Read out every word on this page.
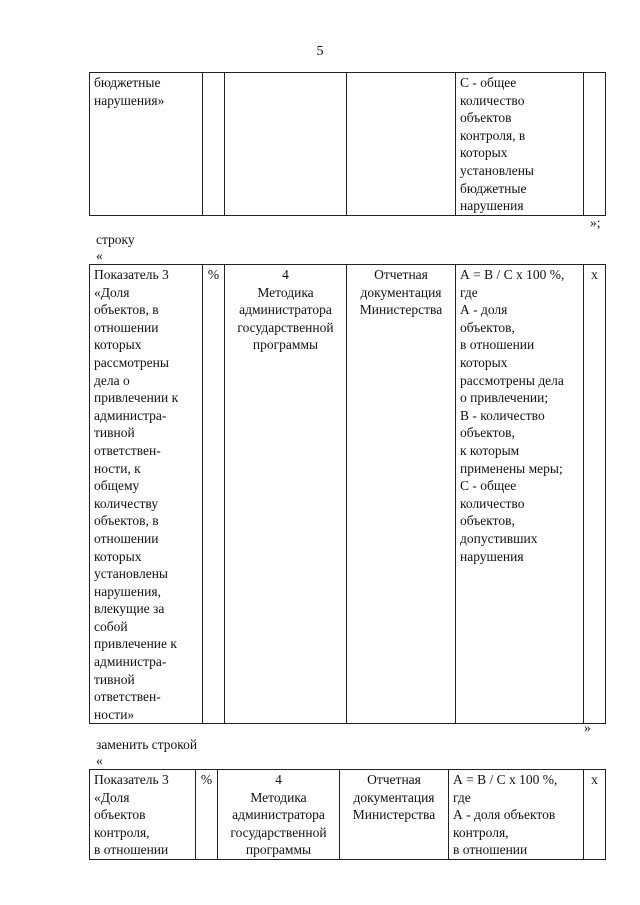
5
бюджетные
нарушения»				С - общее
количество
объектов
контроля, в
которых
установлены
бюджетные
нарушения	
»;
строку
«
Показатель 3
«Доля
объектов, в
отношении
которых
рассмотрены
дела о
привлечении к
администра-
тивной
ответствен-
ности, к
общему
количеству
объектов, в
отношении
которых
установлены
нарушения,
влекущие за
собой
привлечение к
администра-
тивной
ответствен-
ности»	%	4
Методика
администратора
государственной
программы	Отчетная
документация
Министерства	А = В / С х 100 %,
где
А - доля
объектов,
в отношении
которых
рассмотрены дела
о привлечении;
В - количество
объектов,
к которым
применены меры;
С - общее
количество
объектов,
допустивших
нарушения	х
»
заменить строкой
«
Показатель 3
«Доля
объектов
контроля,
в отношении	%	4
Методика
администратора
государственной
программы	Отчетная
документация
Министерства	А = В / С х 100 %,
где
А - доля объектов
контроля,
в отношении	х
